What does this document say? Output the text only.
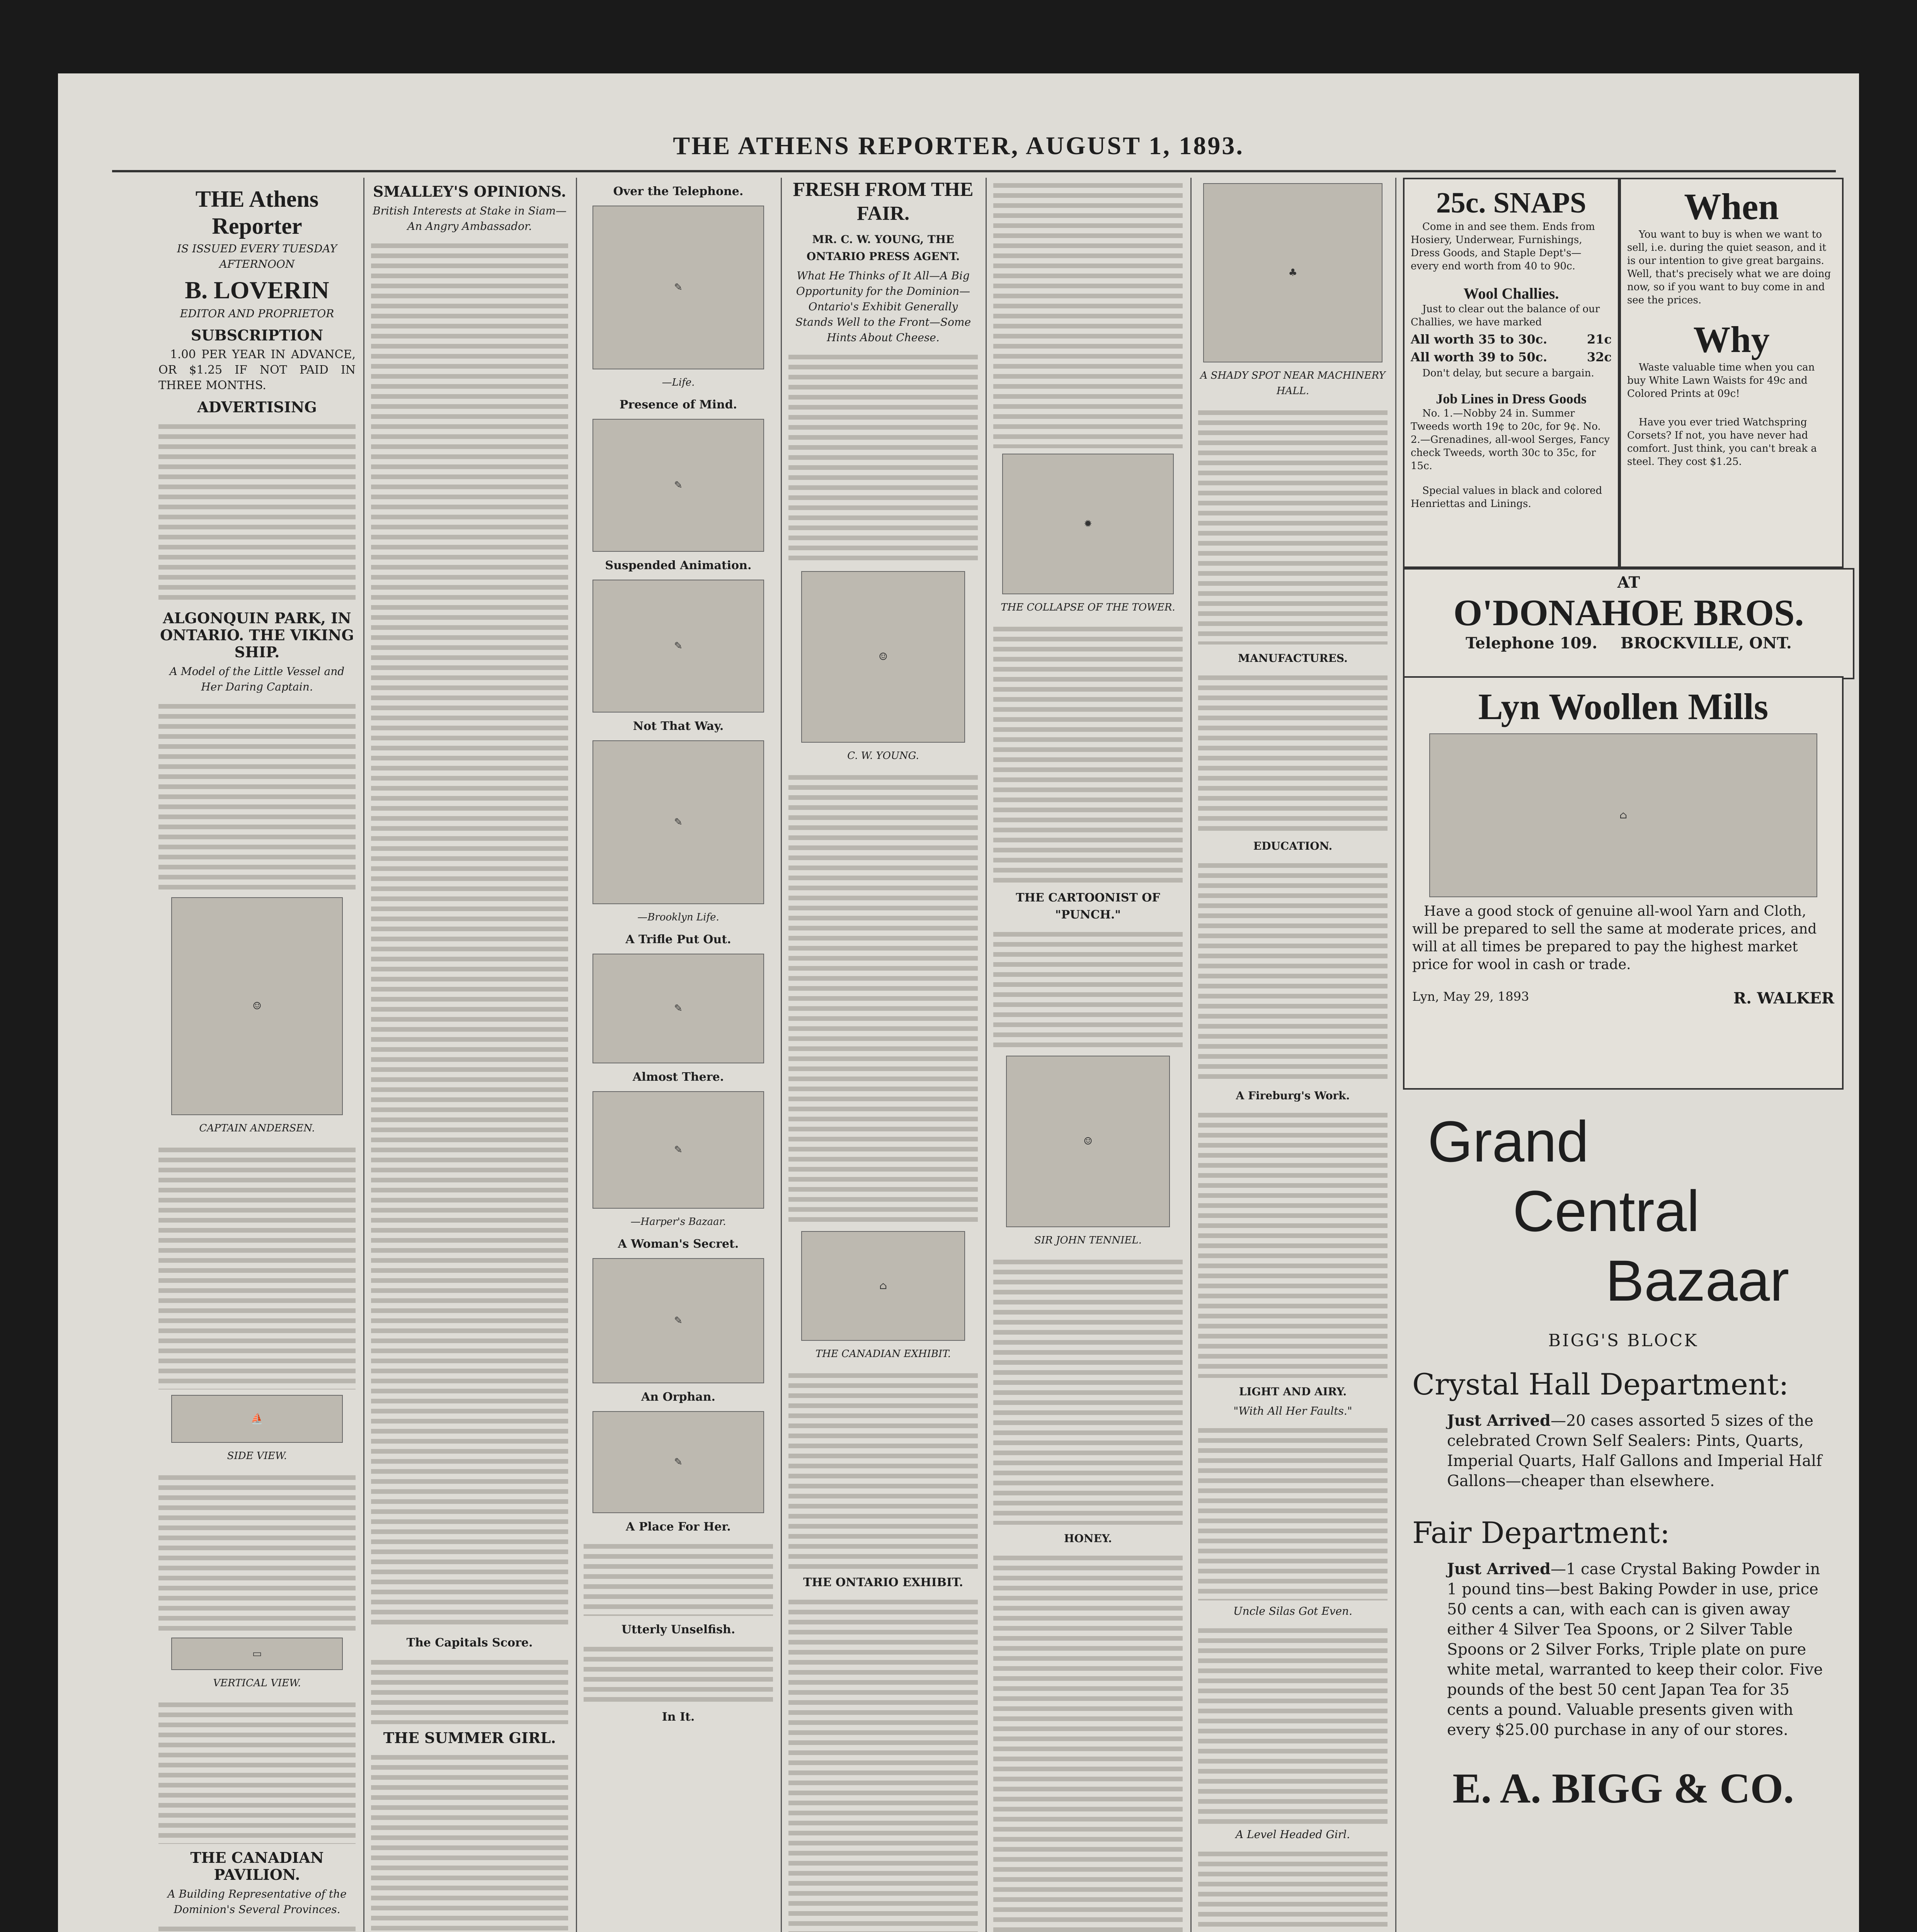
THE ATHENS REPORTER, AUGUST 1, 1893.
THE Athens Reporter
IS ISSUED EVERY TUESDAY AFTERNOON
B. LOVERIN
EDITOR AND PROPRIETOR
SUBSCRIPTION
1.00 PER YEAR IN ADVANCE, OR $1.25 IF NOT PAID IN THREE MONTHS.
ADVERTISING
ALGONQUIN PARK, IN ONTARIO. THE VIKING SHIP.
A Model of the Little Vessel and Her Daring Captain.
☺
CAPTAIN ANDERSEN.
⛵
SIDE VIEW.
▭
VERTICAL VIEW.
THE CANADIAN PAVILION.
A Building Representative of the Dominion's Several Provinces.
SMALLEY'S OPINIONS.
British Interests at Stake in Siam—An Angry Ambassador.
The Capitals Score.
THE SUMMER GIRL.
Over the Telephone.
✎
—Life.
Presence of Mind.
✎
Suspended Animation.
✎
Not That Way.
✎
—Brooklyn Life.
A Trifle Put Out.
✎
Almost There.
✎
—Harper's Bazaar.
A Woman's Secret.
✎
An Orphan.
✎
A Place For Her.
Utterly Unselfish.
In It.
FRESH FROM THE FAIR.
MR. C. W. YOUNG, THE ONTARIO PRESS AGENT.
What He Thinks of It All—A Big Opportunity for the Dominion—Ontario's Exhibit Generally Stands Well to the Front—Some Hints About Cheese.
☺
C. W. YOUNG.
⌂
THE CANADIAN EXHIBIT.
THE ONTARIO EXHIBIT.
✹
THE COLLAPSE OF THE TOWER.
THE CARTOONIST OF "PUNCH."
☺
SIR JOHN TENNIEL.
HONEY.
♣
A SHADY SPOT NEAR MACHINERY HALL.
MANUFACTURES.
EDUCATION.
A Fireburg's Work.
LIGHT AND AIRY.
"With All Her Faults."
Uncle Silas Got Even.
A Level Headed Girl.
25c. SNAPS
Come in and see them. Ends from Hosiery, Underwear, Furnishings, Dress Goods, and Staple Dept's— every end worth from 40 to 90c.
Wool Challies.
Just to clear out the balance of our Challies, we have marked
All worth 35 to 30c.	21c
All worth 39 to 50c.	32c
Don't delay, but secure a bargain.
Job Lines in Dress Goods
No. 1.—Nobby 24 in. Summer Tweeds worth 19¢ to 20c, for 9¢. No. 2.—Grenadines, all-wool Serges, Fancy check Tweeds, worth 30c to 35c, for 15c.
Special values in black and colored Henriettas and Linings.
When
You want to buy is when we want to sell, i.e. during the quiet season, and it is our intention to give great bargains. Well, that's precisely what we are doing now, so if you want to buy come in and see the prices.
Why
Waste valuable time when you can buy White Lawn Waists for 49c and Colored Prints at 09c!
Have you ever tried Watchspring Corsets? If not, you have never had comfort. Just think, you can't break a steel. They cost $1.25.
AT
O'DONAHOE BROS.
Telephone 109. BROCKVILLE, ONT.
Lyn Woollen Mills
⌂
Have a good stock of genuine all-wool Yarn and Cloth, will be prepared to sell the same at moderate prices, and will at all times be prepared to pay the highest market price for wool in cash or trade.
Lyn, May 29, 1893	R. WALKER
Grand
Central
Bazaar
BIGG'S BLOCK
Crystal Hall Department:
Just Arrived—20 cases assorted 5 sizes of the celebrated Crown Self Sealers: Pints, Quarts, Imperial Quarts, Half Gallons and Imperial Half Gallons—cheaper than elsewhere.
Fair Department:
Just Arrived—1 case Crystal Baking Powder in 1 pound tins—best Baking Powder in use, price 50 cents a can, with each can is given away either 4 Silver Tea Spoons, or 2 Silver Table Spoons or 2 Silver Forks, Triple plate on pure white metal, warranted to keep their color. Five pounds of the best 50 cent Japan Tea for 35 cents a pound. Valuable presents given with every $25.00 purchase in any of our stores.
E. A. BIGG & CO.
